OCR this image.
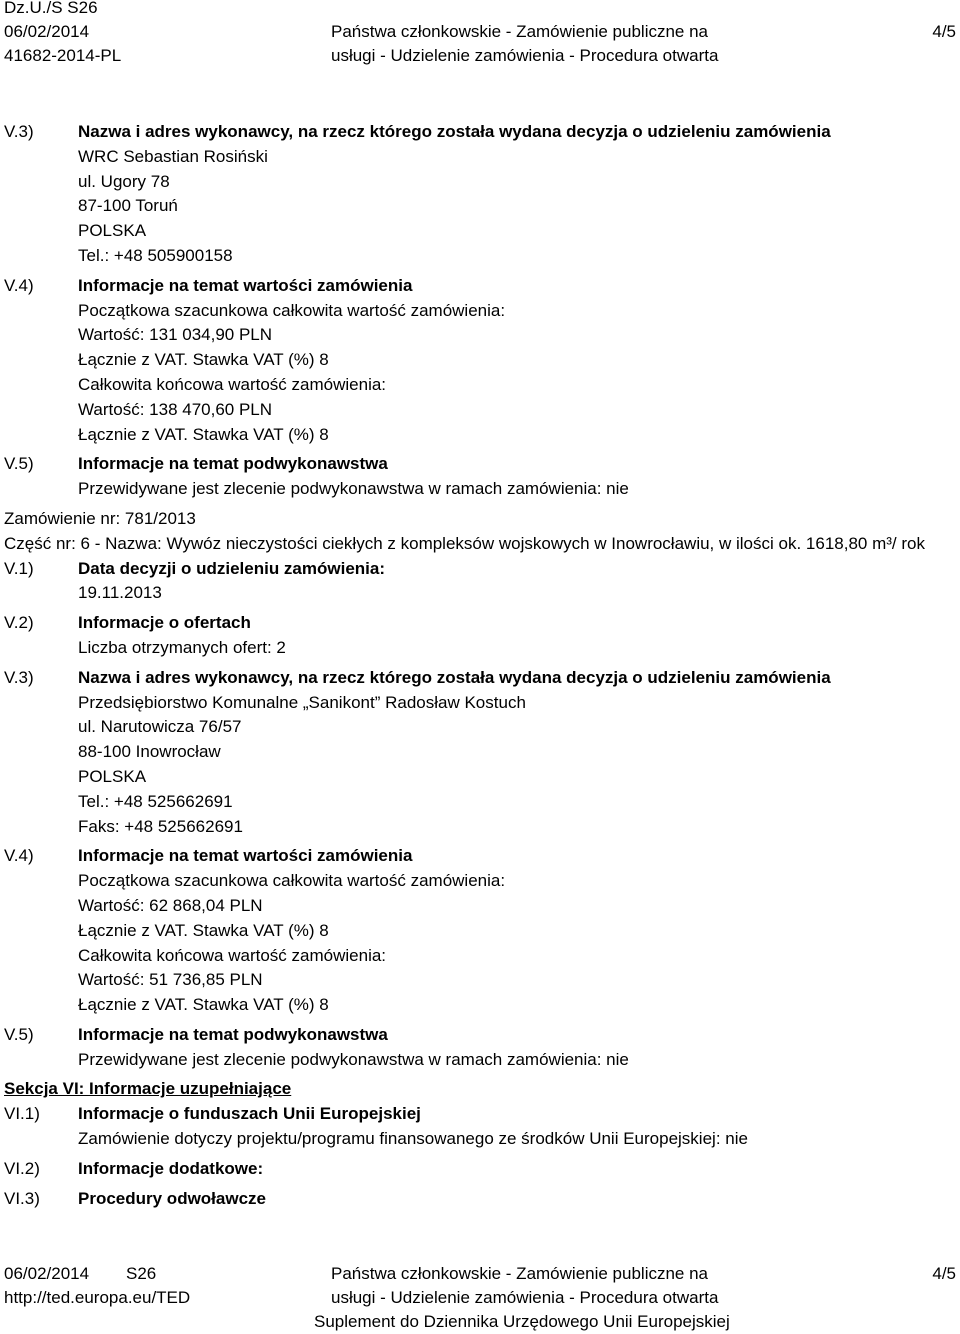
Dz.U./S S26
06/02/2014
41682-2014-PL
Państwa członkowskie - Zamówienie publiczne na
usługi - Udzielenie zamówienia - Procedura otwarta
4/5
V.3)	Nazwa i adres wykonawcy, na rzecz którego została wydana decyzja o udzieleniu zamówienia
WRC Sebastian Rosiński
ul. Ugory 78
87-100 Toruń
POLSKA
Tel.: +48 505900158
V.4)	Informacje na temat wartości zamówienia
Początkowa szacunkowa całkowita wartość zamówienia:
Wartość: 131 034,90 PLN
Łącznie z VAT. Stawka VAT (%) 8
Całkowita końcowa wartość zamówienia:
Wartość: 138 470,60 PLN
Łącznie z VAT. Stawka VAT (%) 8
V.5)	Informacje na temat podwykonawstwa
Przewidywane jest zlecenie podwykonawstwa w ramach zamówienia: nie
Zamówienie nr: 781/2013
Część nr: 6 - Nazwa: Wywóz nieczystości ciekłych z kompleksów wojskowych w Inowrocławiu, w ilości ok. 1618,80 m³/ rok
V.1)	Data decyzji o udzieleniu zamówienia:
19.11.2013
V.2)	Informacje o ofertach
Liczba otrzymanych ofert: 2
V.3)	Nazwa i adres wykonawcy, na rzecz którego została wydana decyzja o udzieleniu zamówienia
Przedsiębiorstwo Komunalne „Sanikont” Radosław Kostuch
ul. Narutowicza 76/57
88-100 Inowrocław
POLSKA
Tel.: +48 525662691
Faks: +48 525662691
V.4)	Informacje na temat wartości zamówienia
Początkowa szacunkowa całkowita wartość zamówienia:
Wartość: 62 868,04 PLN
Łącznie z VAT. Stawka VAT (%) 8
Całkowita końcowa wartość zamówienia:
Wartość: 51 736,85 PLN
Łącznie z VAT. Stawka VAT (%) 8
V.5)	Informacje na temat podwykonawstwa
Przewidywane jest zlecenie podwykonawstwa w ramach zamówienia: nie
Sekcja VI: Informacje uzupełniające
VI.1) Informacje o funduszach Unii Europejskiej
Zamówienie dotyczy projektu/programu finansowanego ze środków Unii Europejskiej: nie
VI.2) Informacje dodatkowe:
VI.3) Procedury odwoławcze
06/02/2014 S26
http://ted.europa.eu/TED
Państwa członkowskie - Zamówienie publiczne na
usługi - Udzielenie zamówienia - Procedura otwarta
Suplement do Dziennika Urzędowego Unii Europejskiej
4/5
